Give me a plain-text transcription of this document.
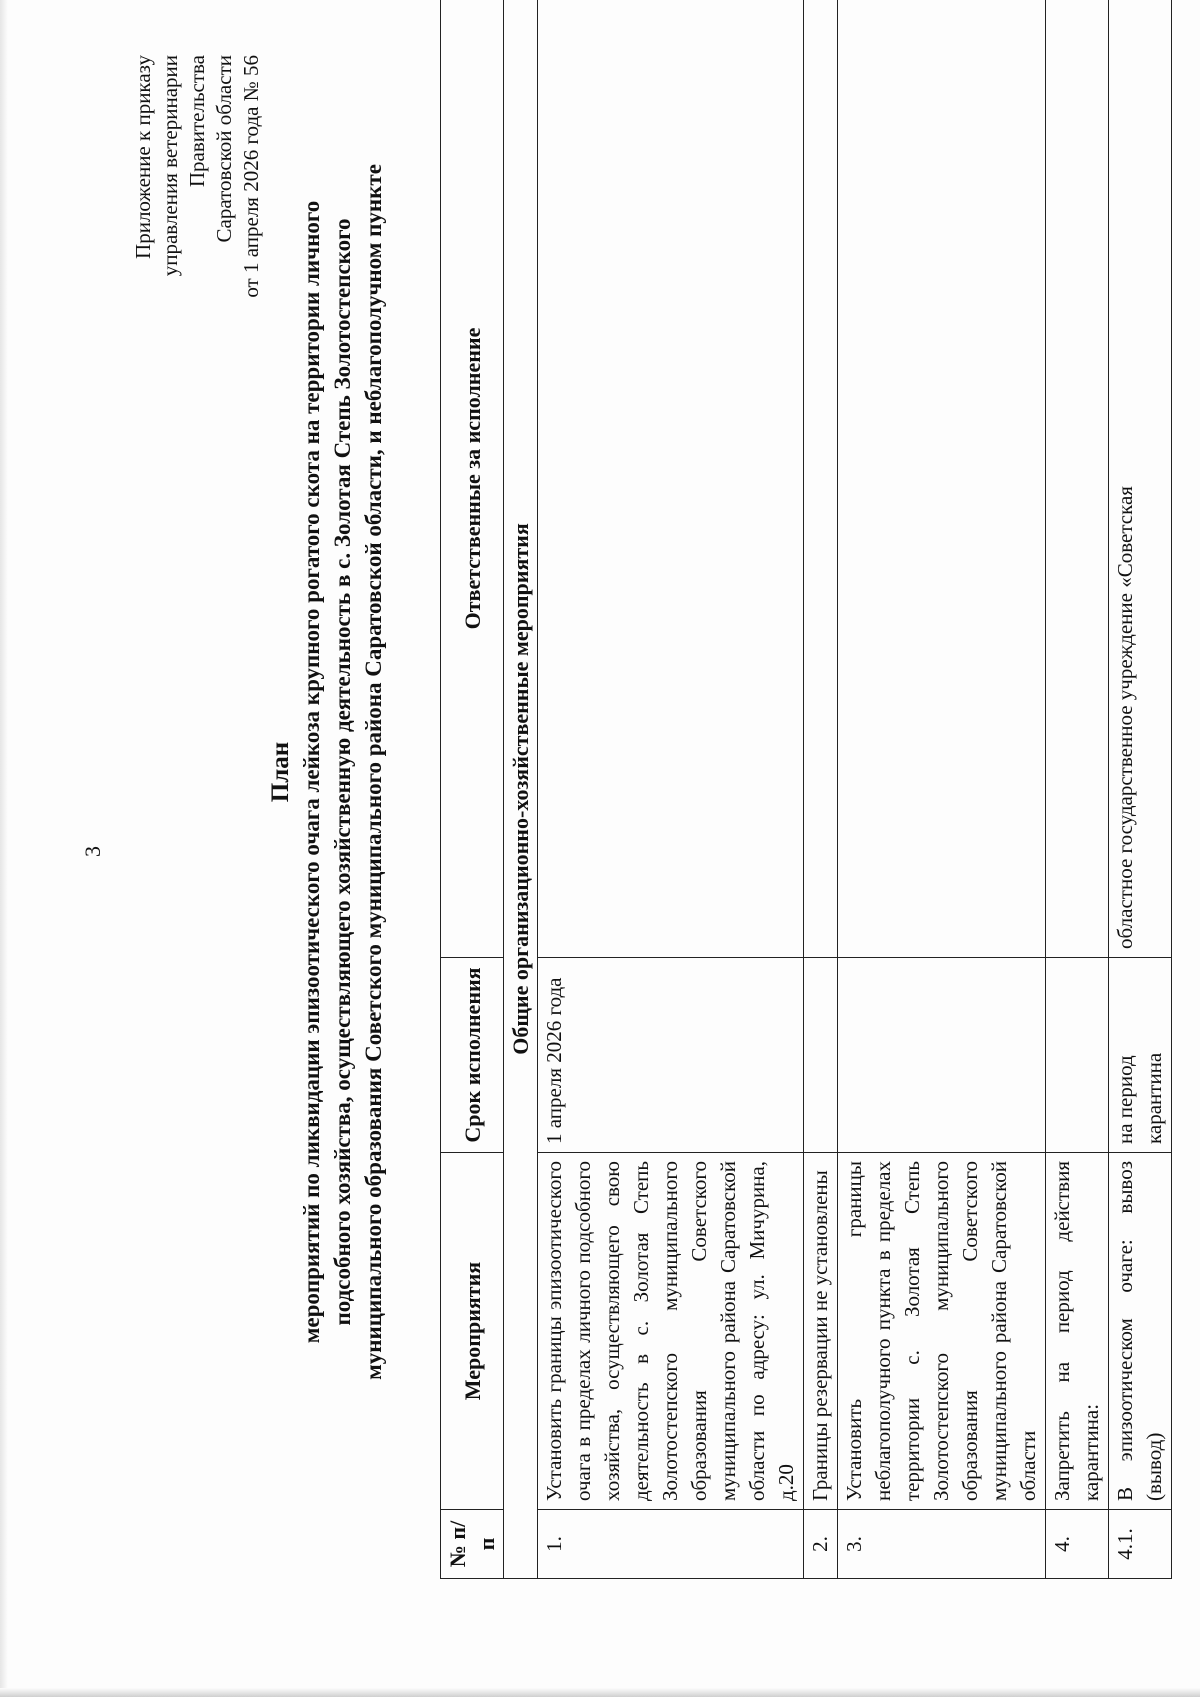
3
Приложение к приказу управления ветеринарии Правительства Саратовской области от 1 апреля 2026 года № 56
План мероприятий по ликвидации эпизоотического очага лейкоза крупного рогатого скота на территории личного подсобного хозяйства, осуществляющего хозяйственную деятельность в с. Золотая Степь Золотостепского муниципального образования Советского муниципального района Саратовской области, и неблагополучном пункте
№ п/п	Мероприятия	Срок исполнения	Ответственные за исполнение
Общие организационно-хозяйственные мероприятия			
1.	Установить границы эпизоотического очага в пределах личного подсобного хозяйства, осуществляющего свою деятельность в с. Золотая Степь Золотостепского муниципального образования Советского муниципального района Саратовской области по адресу: ул. Мичурина, д.20	1 апреля 2026 года	
2.	Границы резервации не установлены		
3.	Установить границы неблагополучного пункта в пределах территории с. Золотая Степь Золотостепского муниципального образования Советского муниципального района Саратовской области		
4.	Запретить на период действия карантина:		
4.1.	В эпизоотическом очаге: вывоз (вывод)	на период карантина	областное государственное учреждение «Советская
